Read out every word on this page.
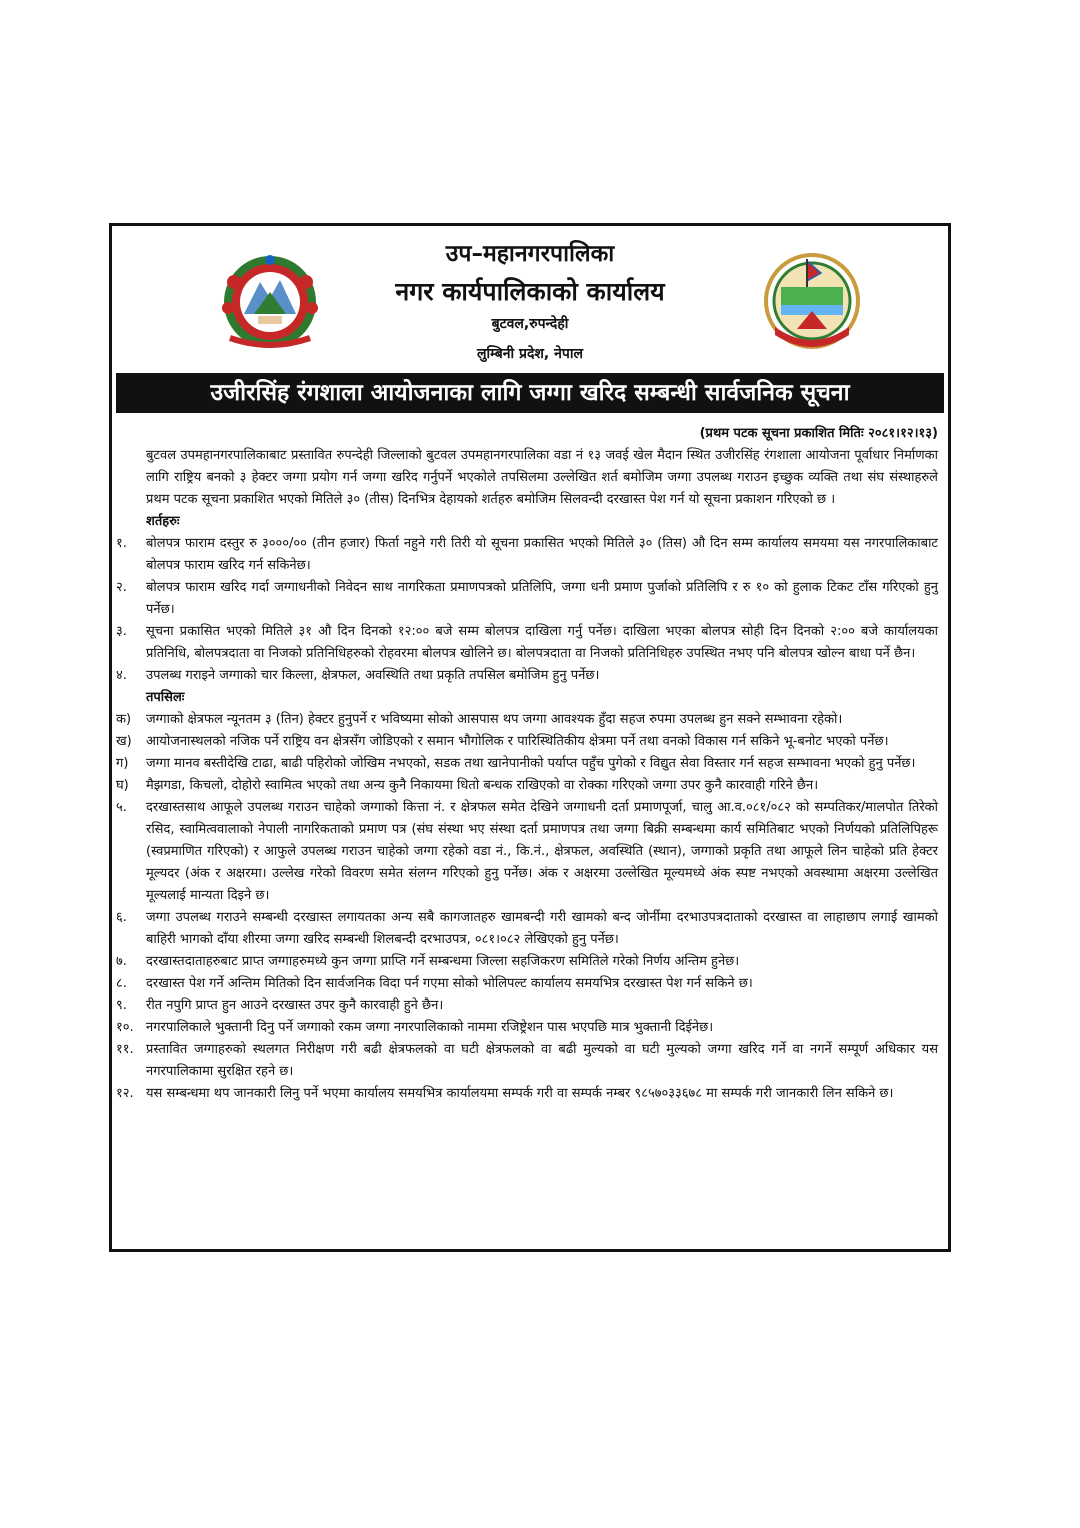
उप–महानगरपालिका
नगर कार्यपालिकाको कार्यालय
बुटवल,रुपन्देही
लुम्बिनी प्रदेश, नेपाल
उजीरसिंह रंगशाला आयोजनाका लागि जग्गा खरिद सम्बन्धी सार्वजनिक सूचना
(प्रथम पटक सूचना प्रकाशित मितिः २०८१।१२।१३)

बुटवल उपमहानगरपालिकाबाट प्रस्तावित रुपन्देही जिल्लाको बुटवल उपमहानगरपालिका वडा नं १३ जवई खेल मैदान स्थित उजीरसिंह रंगशाला आयोजना पूर्वाधार निर्माणका लागि राष्ट्रिय बनको ३ हेक्टर जग्गा प्रयोग गर्न जग्गा खरिद गर्नुपर्ने भएकोले तपसिलमा उल्लेखित शर्त बमोजिम जग्गा उपलब्ध गराउन इच्छुक व्यक्ति तथा संघ संस्थाहरुले प्रथम पटक सूचना प्रकाशित भएको मितिले ३० (तीस) दिनभित्र देहायको शर्तहरु बमोजिम सिलवन्दी दरखास्त पेश गर्न यो सूचना प्रकाशन गरिएको छ ।

शर्तहरुः
१.	बोलपत्र फाराम दस्तुर रु ३०००/०० (तीन हजार) फिर्ता नहुने गरी तिरी यो सूचना प्रकासित भएको मितिले ३० (तिस) औ दिन सम्म कार्यालय समयमा यस नगरपालिकाबाट बोलपत्र फाराम खरिद गर्न सकिनेछ।
२.	बोलपत्र फाराम खरिद गर्दा जग्गाधनीको निवेदन साथ नागरिकता प्रमाणपत्रको प्रतिलिपि, जग्गा धनी प्रमाण पुर्जाको प्रतिलिपि र रु १० को हुलाक टिकट टाँस गरिएको हुनु पर्नेछ।
३.	सूचना प्रकासित भएको मितिले ३१ औ दिन दिनको १२:०० बजे सम्म बोलपत्र दाखिला गर्नु पर्नेछ। दाखिला भएका बोलपत्र सोही दिन दिनको २:०० बजे कार्यालयका प्रतिनिधि, बोलपत्रदाता वा निजको प्रतिनिधिहरुको रोहवरमा बोलपत्र खोलिने छ। बोलपत्रदाता वा निजको प्रतिनिधिहरु उपस्थित नभए पनि बोलपत्र खोल्न बाधा पर्ने छैन।
४.	उपलब्ध गराइने जग्गाको चार किल्ला, क्षेत्रफल, अवस्थिति तथा प्रकृति तपसिल बमोजिम हुनु पर्नेछ।
तपसिलः
क)	जग्गाको क्षेत्रफल न्यूनतम ३ (तिन) हेक्टर हुनुपर्ने र भविष्यमा सोको आसपास थप जग्गा आवश्यक हुँदा सहज रुपमा उपलब्ध हुन सक्ने सम्भावना रहेको।
ख)	आयोजनास्थलको नजिक पर्ने राष्ट्रिय वन क्षेत्रसँग जोडिएको र समान भौगोलिक र पारिस्थितिकीय क्षेत्रमा पर्ने तथा वनको विकास गर्न सकिने भू-बनोट भएको पर्नेछ।
ग)	जग्गा मानव बस्तीदेखि टाढा, बाढी पहिरोको जोखिम नभएको, सडक तथा खानेपानीको पर्याप्त पहुँच पुगेको र विद्युत सेवा विस्तार गर्न सहज सम्भावना भएको हुनु पर्नेछ।
घ)	मैझगडा, किचलो, दोहोरो स्वामित्व भएको तथा अन्य कुनै निकायमा धितो बन्धक राखिएको वा रोक्का गरिएको जग्गा उपर कुनै कारवाही गरिने छैन।
५.	दरखास्तसाथ आफूले उपलब्ध गराउन चाहेको जग्गाको कित्ता नं. र क्षेत्रफल समेत देखिने जग्गाधनी दर्ता प्रमाणपूर्जा, चालु आ.व.०८१/०८२ को सम्पतिकर/मालपोत तिरेको रसिद, स्वामित्ववालाको नेपाली नागरिकताको प्रमाण पत्र (संघ संस्था भए संस्था दर्ता प्रमाणपत्र तथा जग्गा बिक्री सम्बन्धमा कार्य समितिबाट भएको निर्णयको प्रतिलिपिहरू (स्वप्रमाणित गरिएको) र आफुले उपलब्ध गराउन चाहेको जग्गा रहेको वडा नं., कि.नं., क्षेत्रफल, अवस्थिति (स्थान), जग्गाको प्रकृति तथा आफूले लिन चाहेको प्रति हेक्टर मूल्यदर (अंक र अक्षरमा। उल्लेख गरेको विवरण समेत संलग्न गरिएको हुनु पर्नेछ। अंक र अक्षरमा उल्लेखित मूल्यमध्ये अंक स्पष्ट नभएको अवस्थामा अक्षरमा उल्लेखित मूल्यलाई मान्यता दिइने छ।
६.	जग्गा उपलब्ध गराउने सम्बन्धी दरखास्त लगायतका अन्य सबै कागजातहरु खामबन्दी गरी खामको बन्द जोर्नीमा दरभाउपत्रदाताको दरखास्त वा लाहाछाप लगाई खामको बाहिरी भागको दाँया शीरमा जग्गा खरिद सम्बन्धी शिलबन्दी दरभाउपत्र, ०८१।०८२ लेखिएको हुनु पर्नेछ।
७.	दरखास्तदाताहरुबाट प्राप्त जग्गाहरुमध्ये कुन जग्गा प्राप्ति गर्ने सम्बन्धमा जिल्ला सहजिकरण समितिले गरेको निर्णय अन्तिम हुनेछ।
८.	दरखास्त पेश गर्ने अन्तिम मितिको दिन सार्वजनिक विदा पर्न गएमा सोको भोलिपल्ट कार्यालय समयभित्र दरखास्त पेश गर्न सकिने छ।
९.	रीत नपुगि प्राप्त हुन आउने दरखास्त उपर कुनै कारवाही हुने छैन।
१०. नगरपालिकाले भुक्तानी दिनु पर्ने जग्गाको रकम जग्गा नगरपालिकाको नाममा रजिष्ट्रेशन पास भएपछि मात्र भुक्तानी दिईनेछ।
११. प्रस्तावित जग्गाहरुको स्थलगत निरीक्षण गरी बढी क्षेत्रफलको वा घटी क्षेत्रफलको वा बढी मुल्यको वा घटी मुल्यको जग्गा खरिद गर्ने वा नगर्ने सम्पूर्ण अधिकार यस नगरपालिकामा सुरक्षित रहने छ।
१२. यस सम्बन्धमा थप जानकारी लिनु पर्ने भएमा कार्यालय समयभित्र कार्यालयमा सम्पर्क गरी वा सम्पर्क नम्बर ९८५७०३३६७८ मा सम्पर्क गरी जानकारी लिन सकिने छ।
